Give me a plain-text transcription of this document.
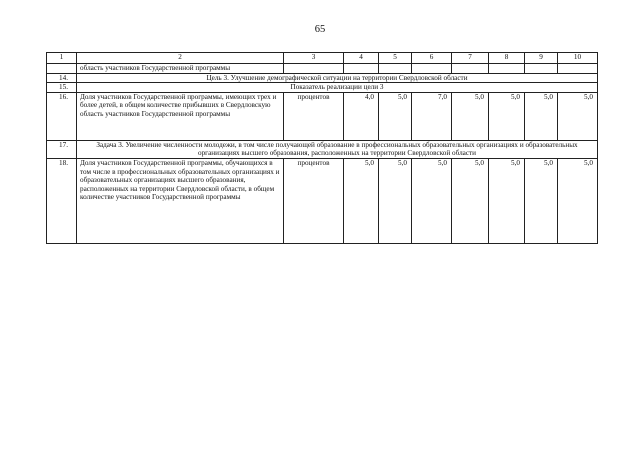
65
1	2	3	4	5	6	7	8	9	10
	область участников Государственной программы								
14.	Цель 3. Улучшение демографической ситуации на территории Свердловской области								
15.	Показатель реализации цели 3								
16.	Доля участников Государственной программы, имеющих трех и более детей, в общем количестве прибывших в Свердловскую область участников Государственной программы	процентов	4,0	5,0	7,0	5,0	5,0	5,0	5,0
17.	Задача 3. Увеличение численности молодежи, в том числе получающей образование в профессиональных образовательных организациях и образовательных организациях высшего образования, расположенных на территории Свердловской области								
18.	Доля участников Государственной программы, обучающихся в том числе в профессиональных образовательных организациях и образовательных организациях высшего образования, расположенных на территории Свердловской области, в общем количестве участников Государственной программы	процентов	5,0	5,0	5,0	5,0	5,0	5,0	5,0
